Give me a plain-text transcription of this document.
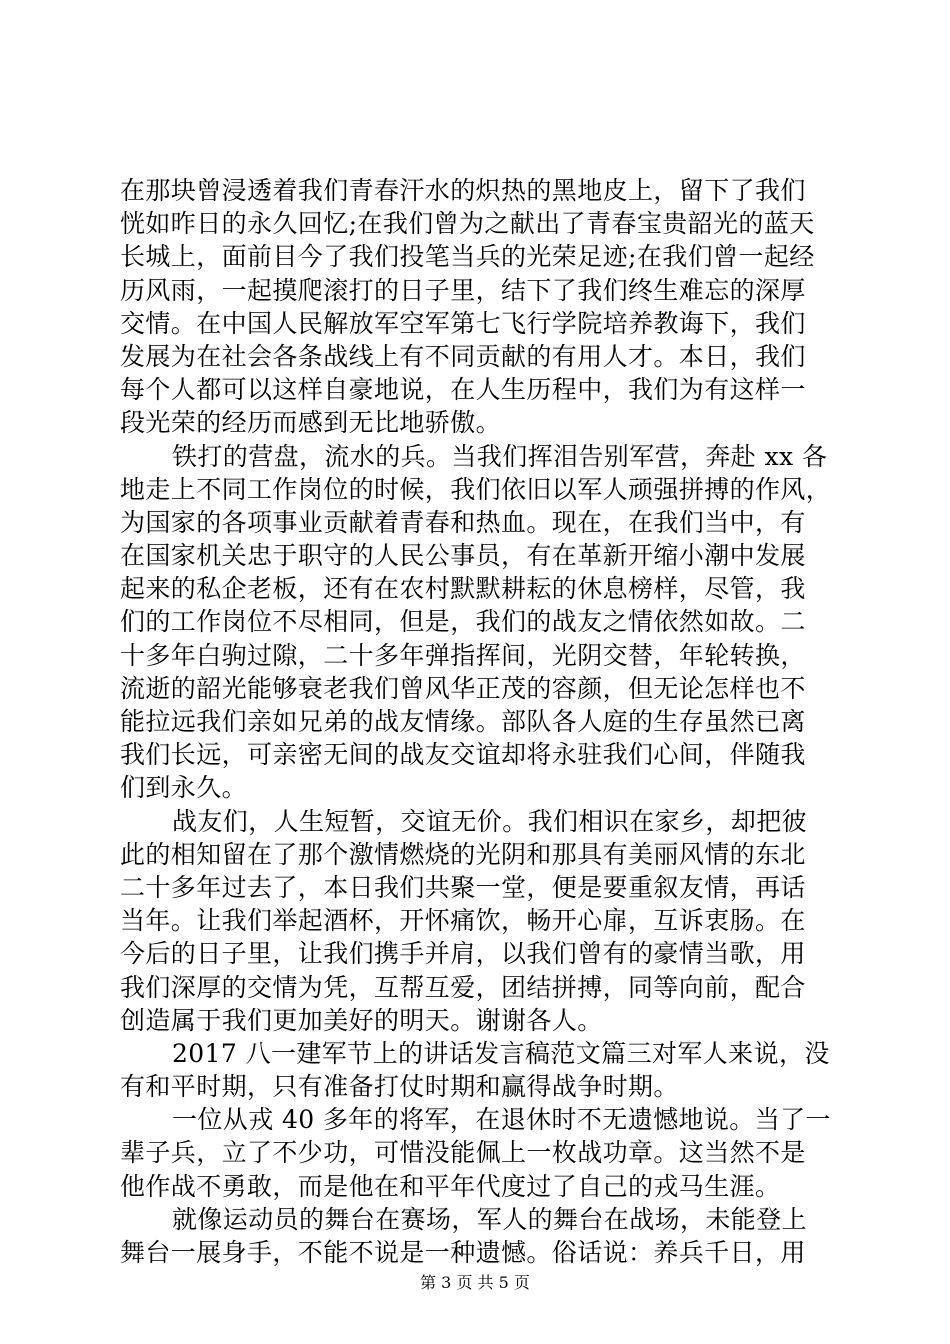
在那块曾浸透着我们青春汗水的炽热的黑地皮上，留下了我们
恍如昨日的永久回忆;在我们曾为之献出了青春宝贵韶光的蓝天
长城上，面前目今了我们投笔当兵的光荣足迹;在我们曾一起经
历风雨，一起摸爬滚打的日子里，结下了我们终生难忘的深厚
交情。在中国人民解放军空军第七飞行学院培养教诲下，我们
发展为在社会各条战线上有不同贡献的有用人才。本日，我们
每个人都可以这样自豪地说，在人生历程中，我们为有这样一
段光荣的经历而感到无比地骄傲。
铁打的营盘，流水的兵。当我们挥泪告别军营，奔赴 xx 各
地走上不同工作岗位的时候，我们依旧以军人顽强拼搏的作风，
为国家的各项事业贡献着青春和热血。现在，在我们当中，有
在国家机关忠于职守的人民公事员，有在革新开缩小潮中发展
起来的私企老板，还有在农村默默耕耘的休息榜样，尽管，我
们的工作岗位不尽相同，但是，我们的战友之情依然如故。二
十多年白驹过隙，二十多年弹指挥间，光阴交替，年轮转换，
流逝的韶光能够衰老我们曾风华正茂的容颜，但无论怎样也不
能拉远我们亲如兄弟的战友情缘。部队各人庭的生存虽然已离
我们长远，可亲密无间的战友交谊却将永驻我们心间，伴随我
们到永久。
战友们，人生短暂，交谊无价。我们相识在家乡，却把彼
此的相知留在了那个激情燃烧的光阴和那具有美丽风情的东北
二十多年过去了，本日我们共聚一堂，便是要重叙友情，再话
当年。让我们举起酒杯，开怀痛饮，畅开心扉，互诉衷肠。在
今后的日子里，让我们携手并肩，以我们曾有的豪情当歌，用
我们深厚的交情为凭，互帮互爱，团结拼搏，同等向前，配合
创造属于我们更加美好的明天。谢谢各人。
2017 八一建军节上的讲话发言稿范文篇三对军人来说，没
有和平时期，只有准备打仗时期和赢得战争时期。
一位从戎 40 多年的将军，在退休时不无遗憾地说。当了一
辈子兵，立了不少功，可惜没能佩上一枚战功章。这当然不是
他作战不勇敢，而是他在和平年代度过了自己的戎马生涯。
就像运动员的舞台在赛场，军人的舞台在战场，未能登上
舞台一展身手，不能不说是一种遗憾。俗话说：养兵千日，用
第 3 页 共 5 页
